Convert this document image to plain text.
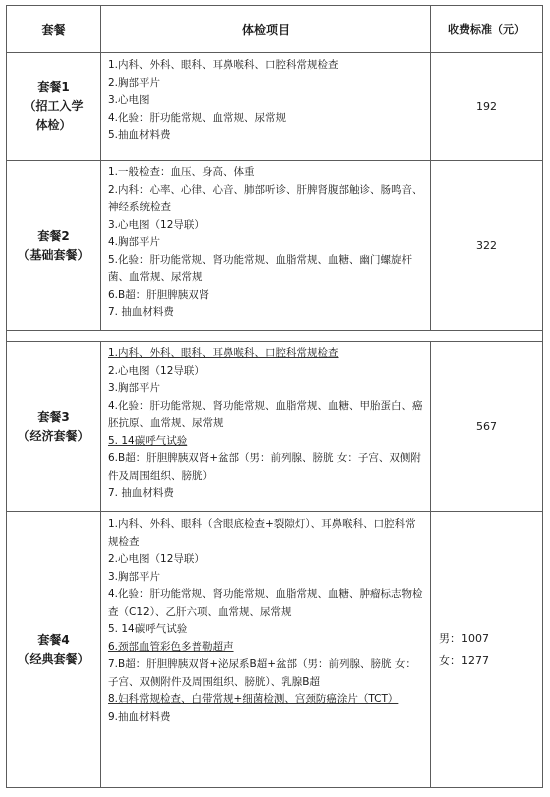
套餐	体检项目	收费标准（元）
套餐1
（招工入学体检）
1.内科、外科、眼科、耳鼻喉科、口腔科常规检查
2.胸部平片
3.心电图
4.化验：肝功能常规、血常规、尿常规
5.抽血材料费
192
套餐2
（基础套餐）
1.一般检查：血压、身高、体重
2.内科：心率、心律、心音、肺部听诊、肝脾肾腹部触诊、肠鸣音、神经系统检查
3.心电图（12导联）
4.胸部平片
5.化验：肝功能常规、肾功能常规、血脂常规、血糖、幽门螺旋杆菌、血常规、尿常规
6.B超：肝胆脾胰双肾
7. 抽血材料费
322
套餐3
（经济套餐）
1.内科、外科、眼科、耳鼻喉科、口腔科常规检查
2.心电图（12导联）
3.胸部平片
4.化验：肝功能常规、肾功能常规、血脂常规、血糖、甲胎蛋白、癌胚抗原、血常规、尿常规
5. 14碳呼气试验
6.B超：肝胆脾胰双肾+盆部（男：前列腺、膀胱 女：子宫、双侧附件及周围组织、膀胱）
7. 抽血材料费
567
套餐4
（经典套餐）
1.内科、外科、眼科（含眼底检查+裂隙灯）、耳鼻喉科、口腔科常规检查
2.心电图（12导联）
3.胸部平片
4.化验：肝功能常规、肾功能常规、血脂常规、血糖、肿瘤标志物检查（C12）、乙肝六项、血常规、尿常规
5. 14碳呼气试验
6.颈部血管彩色多普勒超声
7.B超：肝胆脾胰双肾+泌尿系B超+盆部（男：前列腺、膀胱 女：子宫、双侧附件及周围组织、膀胱）、乳腺B超
8.妇科常规检查、白带常规+细菌检测、宫颈防癌涂片（TCT）
9.抽血材料费
男：1007
女：1277
